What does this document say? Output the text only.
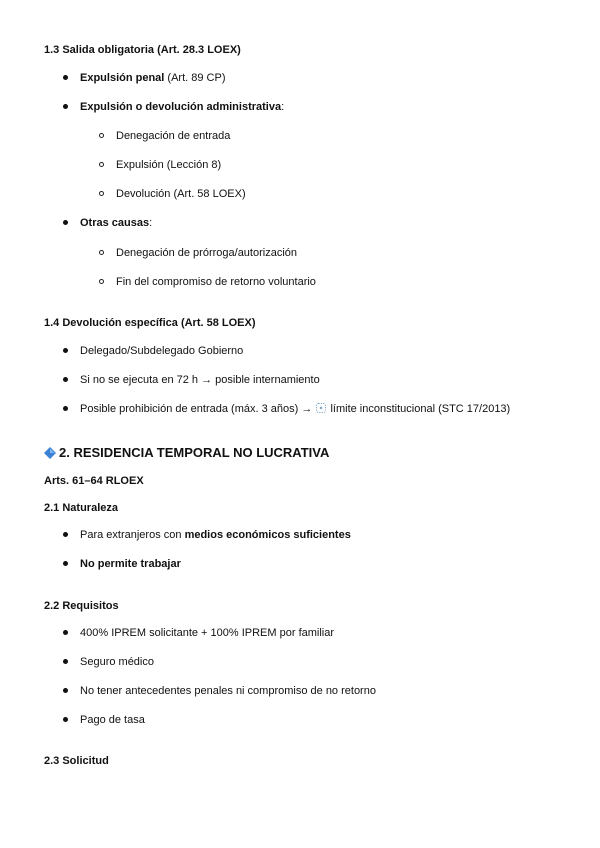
1.3 Salida obligatoria (Art. 28.3 LOEX)
Expulsión penal (Art. 89 CP)
Expulsión o devolución administrativa:
Denegación de entrada
Expulsión (Lección 8)
Devolución (Art. 58 LOEX)
Otras causas:
Denegación de prórroga/autorización
Fin del compromiso de retorno voluntario
1.4 Devolución específica (Art. 58 LOEX)
Delegado/Subdelegado Gobierno
Si no se ejecuta en 72 h → posible internamiento
Posible prohibición de entrada (máx. 3 años) →  límite inconstitucional (STC 17/2013)
2. RESIDENCIA TEMPORAL NO LUCRATIVA
Arts. 61–64 RLOEX
2.1 Naturaleza
Para extranjeros con medios económicos suficientes
No permite trabajar
2.2 Requisitos
400% IPREM solicitante + 100% IPREM por familiar
Seguro médico
No tener antecedentes penales ni compromiso de no retorno
Pago de tasa
2.3 Solicitud
